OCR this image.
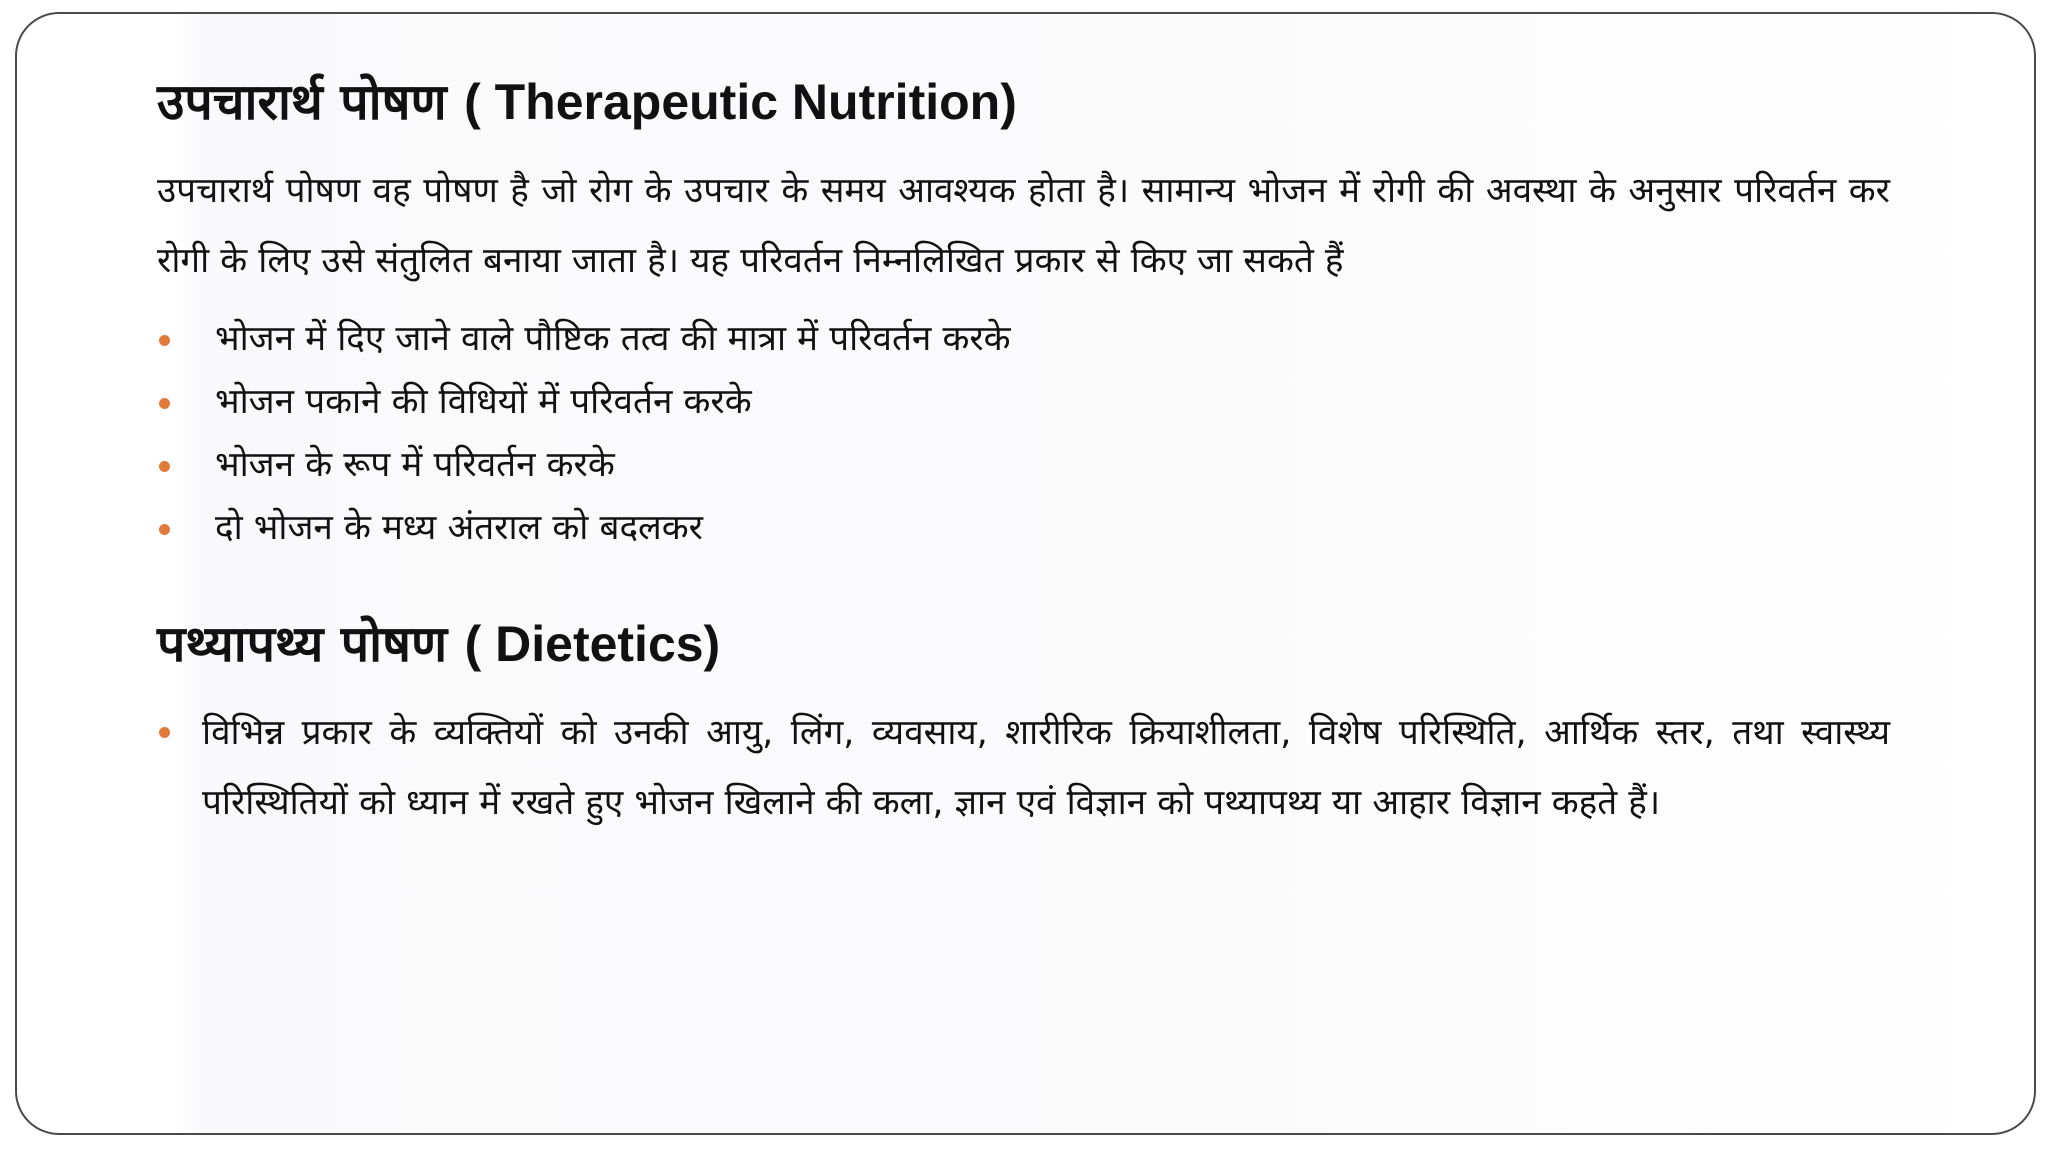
उपचारार्थ पोषण ( Therapeutic Nutrition)

उपचारार्थ पोषण वह पोषण है जो रोग के उपचार के समय आवश्यक होता है। सामान्य भोजन में रोगी की अवस्था के अनुसार परिवर्तन कर रोगी के लिए उसे संतुलित बनाया जाता है। यह परिवर्तन निम्नलिखित प्रकार से किए जा सकते हैं

भोजन में दिए जाने वाले पौष्टिक तत्व की मात्रा में परिवर्तन करके
भोजन पकाने की विधियों में परिवर्तन करके
भोजन के रूप में परिवर्तन करके
दो भोजन के मध्य अंतराल को बदलकर
पथ्यापथ्य पोषण ( Dietetics)

विभिन्न प्रकार के व्यक्तियों को उनकी आयु, लिंग, व्यवसाय, शारीरिक क्रियाशीलता, विशेष परिस्थिति, आर्थिक स्तर, तथा स्वास्थ्य परिस्थितियों को ध्यान में रखते हुए भोजन खिलाने की कला, ज्ञान एवं विज्ञान को पथ्यापथ्य या आहार विज्ञान कहते हैं।
